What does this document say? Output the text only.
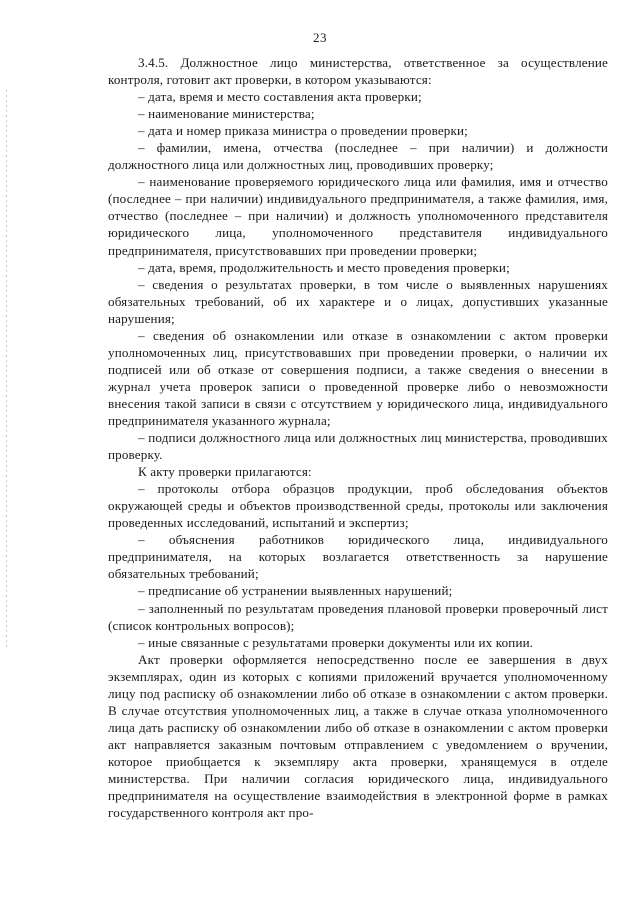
23

3.4.5. Должностное лицо министерства, ответственное за осуществление контроля, готовит акт проверки, в котором указываются:

– дата, время и место составления акта проверки;

– наименование министерства;

– дата и номер приказа министра о проведении проверки;

– фамилии, имена, отчества (последнее – при наличии) и должности должностного лица или должностных лиц, проводивших проверку;

– наименование проверяемого юридического лица или фамилия, имя и отчество (последнее – при наличии) индивидуального предпринимателя, а также фамилия, имя, отчество (последнее – при наличии) и должность уполномоченного представителя юридического лица, уполномоченного представителя индивидуального предпринимателя, присутствовавших при проведении проверки;

– дата, время, продолжительность и место проведения проверки;

– сведения о результатах проверки, в том числе о выявленных нарушениях обязательных требований, об их характере и о лицах, допустивших указанные нарушения;

– сведения об ознакомлении или отказе в ознакомлении с актом проверки уполномоченных лиц, присутствовавших при проведении проверки, о наличии их подписей или об отказе от совершения подписи, а также сведения о внесении в журнал учета проверок записи о проведенной проверке либо о невозможности внесения такой записи в связи с отсутствием у юридического лица, индивидуального предпринимателя указанного журнала;

– подписи должностного лица или должностных лиц министерства, проводивших проверку.

К акту проверки прилагаются:

– протоколы отбора образцов продукции, проб обследования объектов окружающей среды и объектов производственной среды, протоколы или заключения проведенных исследований, испытаний и экспертиз;

– объяснения работников юридического лица, индивидуального предпринимателя, на которых возлагается ответственность за нарушение обязательных требований;

– предписание об устранении выявленных нарушений;

– заполненный по результатам проведения плановой проверки проверочный лист (список контрольных вопросов);

– иные связанные с результатами проверки документы или их копии.

Акт проверки оформляется непосредственно после ее завершения в двух экземплярах, один из которых с копиями приложений вручается уполномоченному лицу под расписку об ознакомлении либо об отказе в ознакомлении с актом проверки. В случае отсутствия уполномоченных лиц, а также в случае отказа уполномоченного лица дать расписку об ознакомлении либо об отказе в ознакомлении с актом проверки акт направляется заказным почтовым отправлением с уведомлением о вручении, которое приобщается к экземпляру акта проверки, хранящемуся в отделе министерства. При наличии согласия юридического лица, индивидуального предпринимателя на осуществление взаимодействия в электронной форме в рамках государственного контроля акт про-
